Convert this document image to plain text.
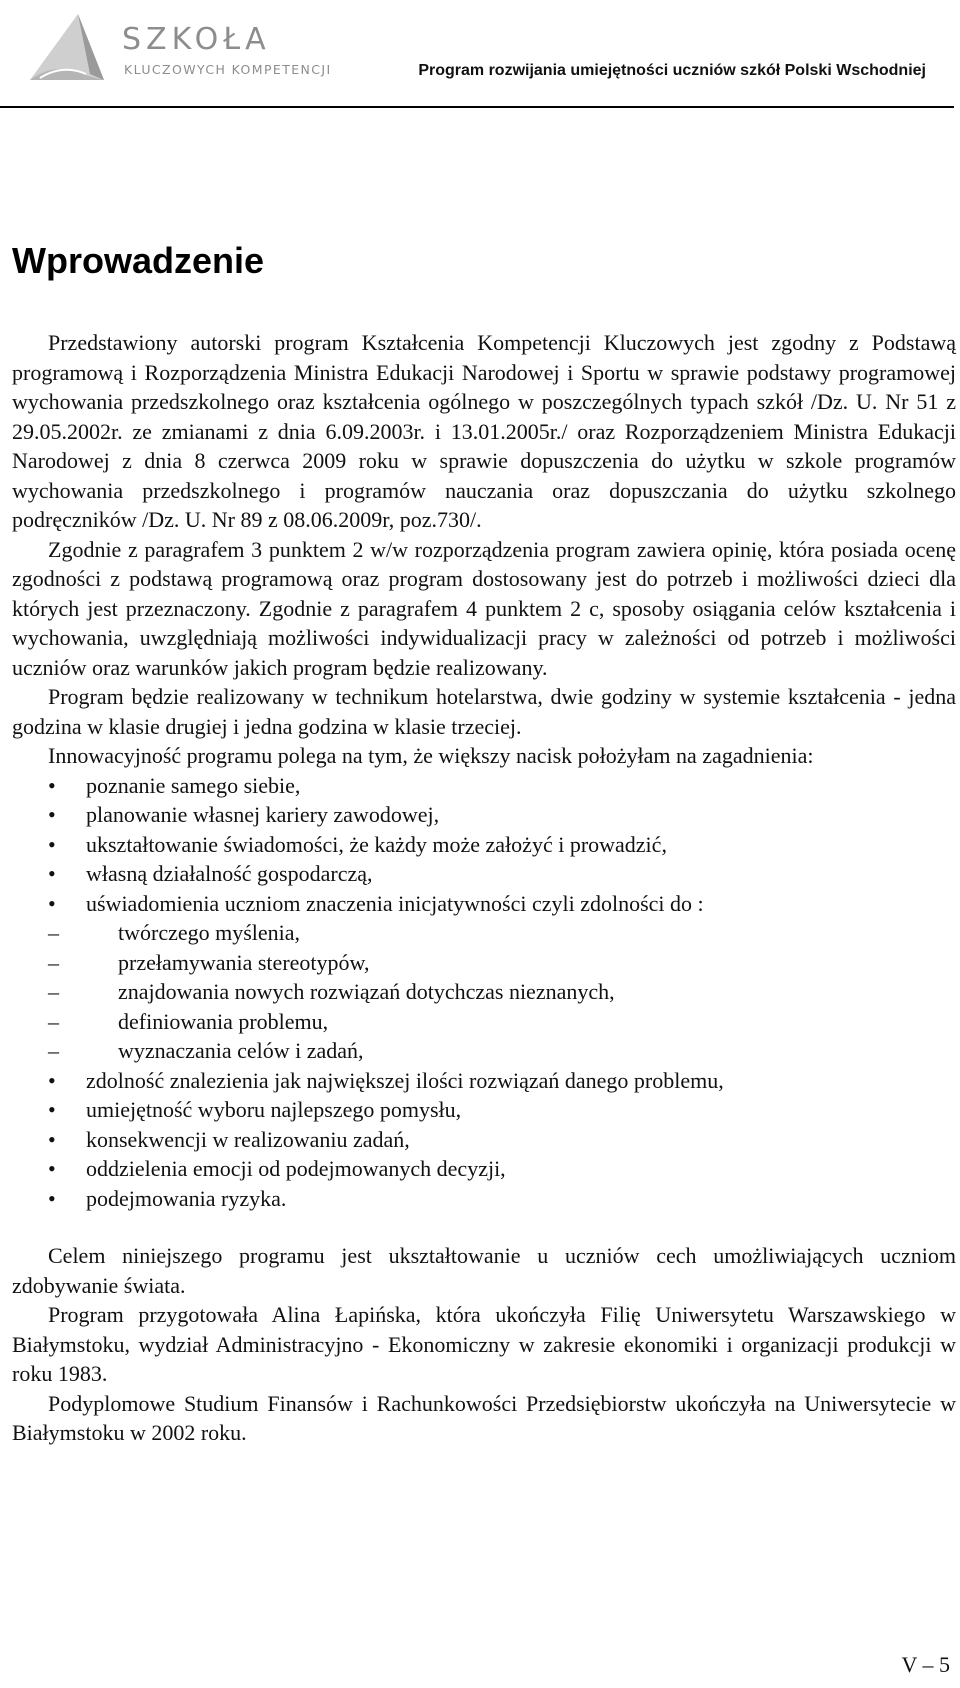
SZKOŁA
KLUCZOWYCH KOMPETENCJI	Program rozwijania umiejętności uczniów szkół Polski Wschodniej
Wprowadzenie

Przedstawiony autorski program Kształcenia Kompetencji Kluczowych jest zgodny z Podstawą programową i Rozporządzenia Ministra Edukacji Narodowej i Sportu w sprawie podstawy programowej wychowania przedszkolnego oraz kształcenia ogólnego w poszczególnych typach szkół /Dz. U. Nr 51 z 29.05.2002r. ze zmianami z dnia 6.09.2003r. i 13.01.2005r./ oraz Rozporządzeniem Ministra Edukacji Narodowej z dnia 8 czerwca 2009 roku w sprawie dopuszczenia do użytku w szkole programów wychowania przedszkolnego i programów nauczania oraz dopuszczania do użytku szkolnego podręczników /Dz. U. Nr 89 z 08.06.2009r, poz.730/.

Zgodnie z paragrafem 3 punktem 2 w/w rozporządzenia program zawiera opinię, która posiada ocenę zgodności z podstawą programową oraz program dostosowany jest do potrzeb i możliwości dzieci dla których jest przeznaczony. Zgodnie z paragrafem 4 punktem 2 c, sposoby osiągania celów kształcenia i wychowania, uwzględniają możliwości indywidualizacji pracy w zależności od potrzeb i możliwości uczniów oraz warunków jakich program będzie realizowany.

Program będzie realizowany w technikum hotelarstwa, dwie godziny w systemie kształcenia - jedna godzina w klasie drugiej i jedna godzina w klasie trzeciej.

Innowacyjność programu polega na tym, że większy nacisk położyłam na zagadnienia:

• poznanie samego siebie,
• planowanie własnej kariery zawodowej,
• ukształtowanie świadomości, że każdy może założyć i prowadzić,
• własną działalność gospodarczą,
• uświadomienia uczniom znaczenia inicjatywności czyli zdolności do :
–	twórczego myślenia,
–	przełamywania stereotypów,
–	znajdowania nowych rozwiązań dotychczas nieznanych,
–	definiowania problemu,
–	wyznaczania celów i zadań,
• zdolność znalezienia jak największej ilości rozwiązań danego problemu,
• umiejętność wyboru najlepszego pomysłu,
• konsekwencji w realizowaniu zadań,
• oddzielenia emocji od podejmowanych decyzji,
• podejmowania ryzyka.

Celem niniejszego programu jest ukształtowanie u uczniów cech umożliwiających uczniom zdobywanie świata.

Program przygotowała Alina Łapińska, która ukończyła Filię Uniwersytetu Warszawskiego w Białymstoku, wydział Administracyjno - Ekonomiczny w zakresie ekonomiki i organizacji produkcji w roku 1983.

Podyplomowe Studium Finansów i Rachunkowości Przedsiębiorstw ukończyła na Uniwersytecie w Białymstoku w 2002 roku.

V – 5
